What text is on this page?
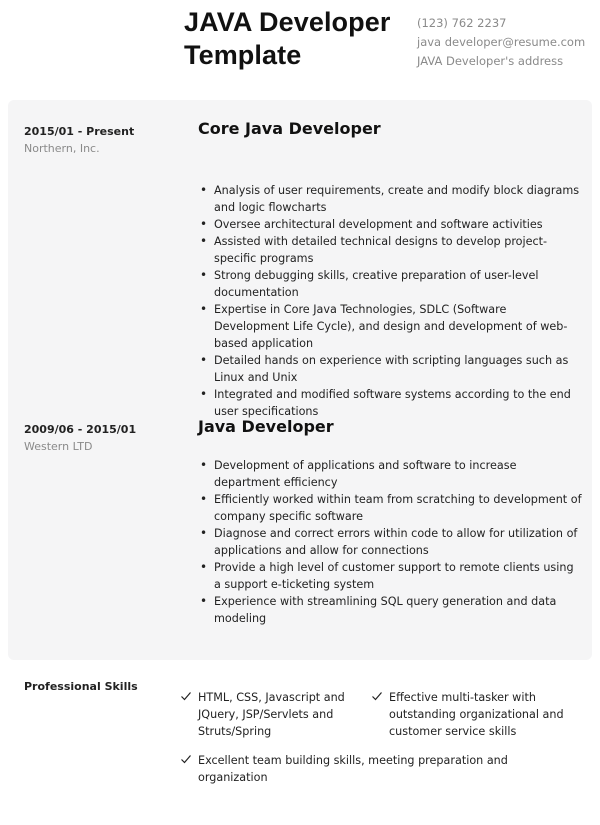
JAVA Developer Template
(123) 762 2237
java developer@resume.com
JAVA Developer's address
2015/01 - Present
Northern, Inc.
Core Java Developer
• Analysis of user requirements, create and modify block diagrams and logic flowcharts
• Oversee architectural development and software activities
• Assisted with detailed technical designs to develop project-specific programs
• Strong debugging skills, creative preparation of user-level documentation
• Expertise in Core Java Technologies, SDLC (Software Development Life Cycle), and design and development of web-based application
• Detailed hands on experience with scripting languages such as Linux and Unix
• Integrated and modified software systems according to the end user specifications
2009/06 - 2015/01
Western LTD
Java Developer
• Development of applications and software to increase department efficiency
• Efficiently worked within team from scratching to development of company specific software
• Diagnose and correct errors within code to allow for utilization of applications and allow for connections
• Provide a high level of customer support to remote clients using a support e-ticketing system
• Experience with streamlining SQL query generation and data modeling
Professional Skills
HTML, CSS, Javascript and JQuery, JSP/Servlets and Struts/Spring
Effective multi-tasker with outstanding organizational and customer service skills
Excellent team building skills, meeting preparation and organization
